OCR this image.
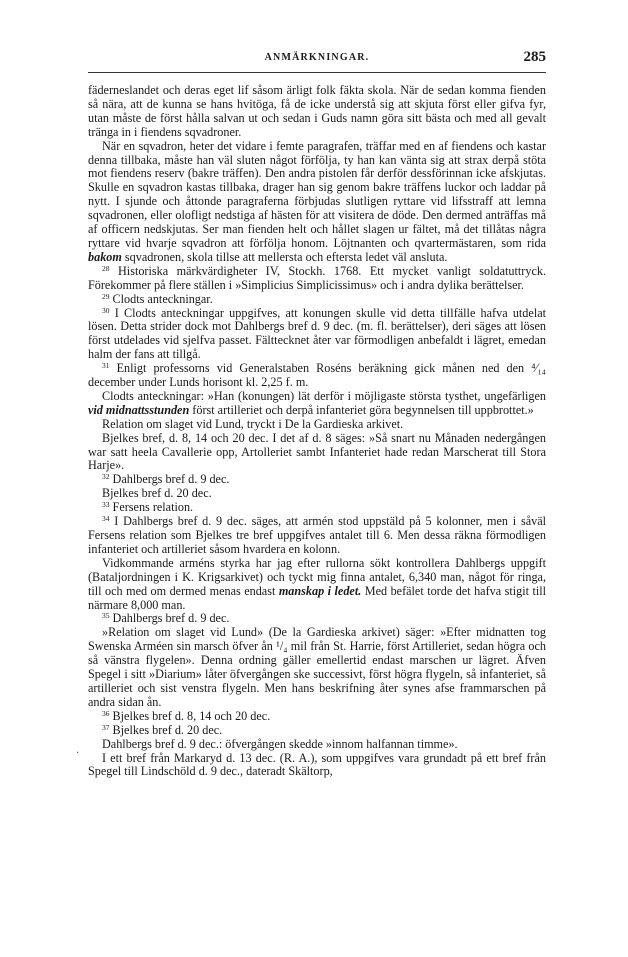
ANMÄRKNINGAR.	285
·

fäderneslandet och deras eget lif såsom ärligt folk fäkta skola. När de sedan komma fienden så nära, att de kunna se hans hvitöga, få de icke understå sig att skjuta först eller gifva fyr, utan måste de först hålla salvan ut och sedan i Guds namn göra sitt bästa och med all gevalt tränga in i fiendens sqvadroner.

När en sqvadron, heter det vidare i femte paragrafen, träffar med en af fiendens och kastar denna tillbaka, måste han väl sluten något förfölja, ty han kan vänta sig att strax derpå stöta mot fiendens reserv (bakre träffen). Den andra pistolen får derför dessförinnan icke afskjutas. Skulle en sqvadron kastas tillbaka, drager han sig genom bakre träffens luckor och laddar på nytt. I sjunde och åttonde paragraferna förbjudas slutligen ryttare vid lifsstraff att lemna sqvadronen, eller olofligt nedstiga af hästen för att visitera de döde. Den dermed anträffas må af officern nedskjutas. Ser man fienden helt och hållet slagen ur fältet, må det tillåtas några ryttare vid hvarje sqvadron att förfölja honom. Löjtnanten och qvartermästaren, som rida bakom sqvadronen, skola tillse att mellersta och eftersta ledet väl ansluta.

$^{28}$ Historiska märkvärdigheter IV, Stockh. 1768. Ett mycket vanligt soldatuttryck. Förekommer på flere ställen i »Simplicius Simplicissimus» och i andra dylika berättelser.

$^{29}$ Clodts anteckningar.

$^{30}$ I Clodts anteckningar uppgifves, att konungen skulle vid detta tillfälle hafva utdelat lösen. Detta strider dock mot Dahlbergs bref d. 9 dec. (m. fl. berättelser), deri säges att lösen först utdelades vid sjelfva passet. Fälttecknet åter var förmodligen anbefaldt i lägret, emedan halm der fans att tillgå.

$^{31}$ Enligt professorns vid Generalstaben Roséns beräkning gick månen ned den ⁴⁄₁₄ december under Lunds horisont kl. 2,25 f. m.

Clodts anteckningar: »Han (konungen) lät derför i möjligaste största tysthet, ungefärligen vid midnattsstunden först artilleriet och derpå infanteriet göra begynnelsen till uppbrottet.»

Relation om slaget vid Lund, tryckt i De la Gardieska arkivet.

Bjelkes bref, d. 8, 14 och 20 dec. I det af d. 8 säges: »Så snart nu Månaden nedergången war satt heela Cavallerie opp, Artolleriet sambt Infanteriet hade redan Marscherat till Stora Harje».

$^{32}$ Dahlbergs bref d. 9 dec.

Bjelkes bref d. 20 dec.

$^{33}$ Fersens relation.

$^{34}$ I Dahlbergs bref d. 9 dec. säges, att armén stod uppstäld på 5 kolonner, men i såväl Fersens relation som Bjelkes tre bref uppgifves antalet till 6. Men dessa räkna förmodligen infanteriet och artilleriet såsom hvardera en kolonn.

Vidkommande arméns styrka har jag efter rullorna sökt kontrollera Dahlbergs uppgift (Bataljordningen i K. Krigsarkivet) och tyckt mig finna antalet, 6,340 man, något för ringa, till och med om dermed menas endast manskap i ledet. Med befälet torde det hafva stigit till närmare 8,000 man.

$^{35}$ Dahlbergs bref d. 9 dec.

»Relation om slaget vid Lund» (De la Gardieska arkivet) säger: »Efter midnatten tog Swenska Arméen sin marsch öfver ån ¹/₄ mil från St. Harrie, först Artilleriet, sedan högra och så vänstra flygelen». Denna ordning gäller emellertid endast marschen ur lägret. Äfven Spegel i sitt »Diarium» låter öfvergången ske successivt, först högra flygeln, så infanteriet, så artilleriet och sist venstra flygeln. Men hans beskrifning åter synes afse frammarschen på andra sidan ån.

$^{36}$ Bjelkes bref d. 8, 14 och 20 dec.

$^{37}$ Bjelkes bref d. 20 dec.

Dahlbergs bref d. 9 dec.: öfvergången skedde »innom halfannan timme».

I ett bref från Markaryd d. 13 dec. (R. A.), som uppgifves vara grundadt på ett bref från Spegel till Lindschöld d. 9 dec., dateradt Skältorp,
